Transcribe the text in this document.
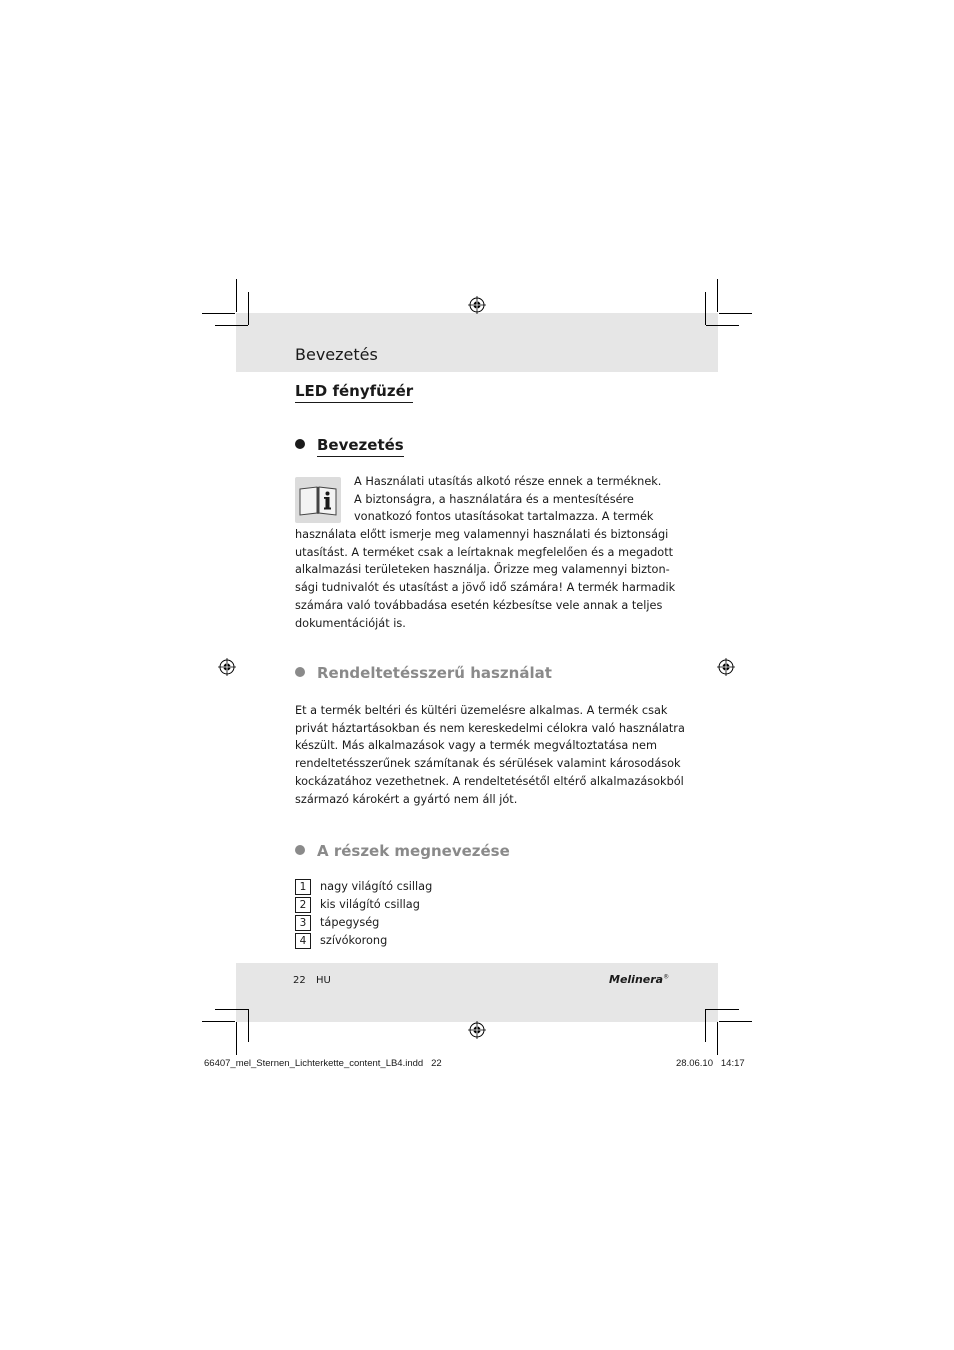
Bevezetés
LED fényfüzér
Bevezetés
A Használati utasítás alkotó része ennek a terméknek.
A biztonságra, a használatára és a mentesítésére
vonatkozó fontos utasításokat tartalmazza. A termék
használata előtt ismerje meg valamennyi használati és biztonsági
utasítást. A terméket csak a leírtaknak megfelelően és a megadott
alkalmazási területeken használja. Őrizze meg valamennyi bizton-
sági tudnivalót és utasítást a jövő idő számára! A termék harmadik
számára való továbbadása esetén kézbesítse vele annak a teljes
dokumentációját is.
Rendeltetésszerű használat
Et a termék beltéri és kültéri üzemelésre alkalmas. A termék csak
privát háztartásokban és nem kereskedelmi célokra való használatra
készült. Más alkalmazások vagy a termék megváltoztatása nem
rendeltetésszerűnek számítanak és sérülések valamint károsodások
kockázatához vezethetnek. A rendeltetésétől eltérő alkalmazásokból
származó károkért a gyártó nem áll jót.
A részek megnevezése
1 nagy világító csillag
2 kis világító csillag
3 tápegység
4 szívókorong
22 HU	Melinera®
66407_mel_Sternen_Lichterkette_content_LB4.indd   22	28.06.10   14:17
